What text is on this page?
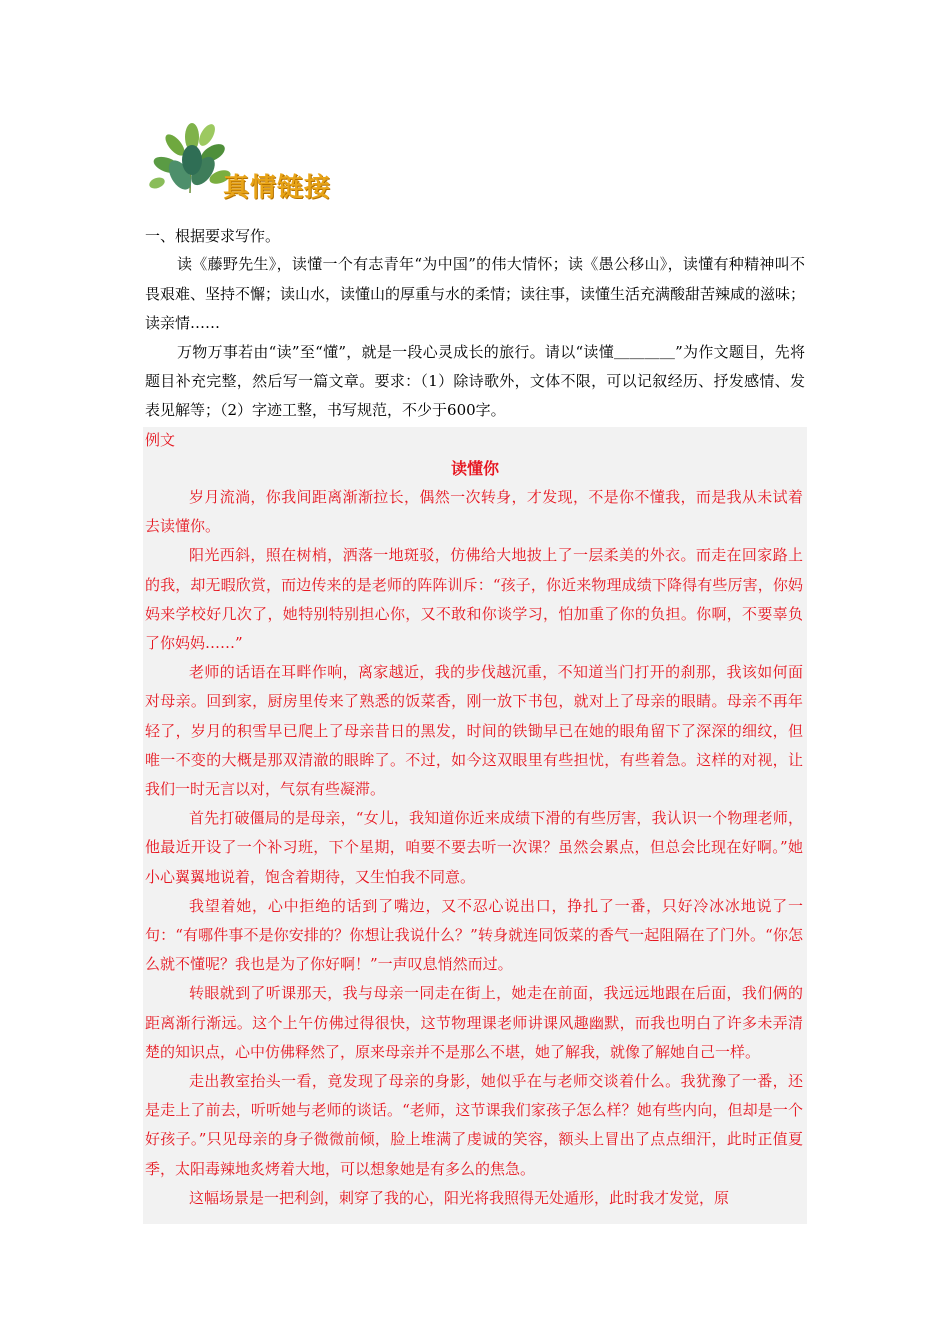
真情链接
一、根据要求写作。

读《藤野先生》，读懂一个有志青年“为中国”的伟大情怀；读《愚公移山》，读懂有种精神叫不畏艰难、坚持不懈；读山水，读懂山的厚重与水的柔情；读往事，读懂生活充满酸甜苦辣咸的滋味；读亲情……

万物万事若由“读”至“懂”，就是一段心灵成长的旅行。请以“读懂＿＿＿＿”为作文题目，先将题目补充完整，然后写一篇文章。要求：（1）除诗歌外，文体不限，可以记叙经历、抒发感情、发表见解等；（2）字迹工整，书写规范，不少于600字。

例文
读懂你

岁月流淌，你我间距离渐渐拉长，偶然一次转身，才发现，不是你不懂我，而是我从未试着去读懂你。

阳光西斜，照在树梢，洒落一地斑驳，仿佛给大地披上了一层柔美的外衣。而走在回家路上的我，却无暇欣赏，而边传来的是老师的阵阵训斥：“孩子，你近来物理成绩下降得有些厉害，你妈妈来学校好几次了，她特别特别担心你，又不敢和你谈学习，怕加重了你的负担。你啊，不要辜负了你妈妈……”

老师的话语在耳畔作响，离家越近，我的步伐越沉重，不知道当门打开的刹那，我该如何面对母亲。回到家，厨房里传来了熟悉的饭菜香，刚一放下书包，就对上了母亲的眼睛。母亲不再年轻了，岁月的积雪早已爬上了母亲昔日的黑发，时间的铁锄早已在她的眼角留下了深深的细纹，但唯一不变的大概是那双清澈的眼眸了。不过，如今这双眼里有些担忧，有些着急。这样的对视，让我们一时无言以对，气氛有些凝滞。

首先打破僵局的是母亲，“女儿，我知道你近来成绩下滑的有些厉害，我认识一个物理老师，他最近开设了一个补习班，下个星期，咱要不要去听一次课？虽然会累点，但总会比现在好啊。”她小心翼翼地说着，饱含着期待，又生怕我不同意。

我望着她，心中拒绝的话到了嘴边，又不忍心说出口，挣扎了一番，只好冷冰冰地说了一句：“有哪件事不是你安排的？你想让我说什么？”转身就连同饭菜的香气一起阻隔在了门外。“你怎么就不懂呢？我也是为了你好啊！”一声叹息悄然而过。

转眼就到了听课那天，我与母亲一同走在街上，她走在前面，我远远地跟在后面，我们俩的距离渐行渐远。这个上午仿佛过得很快，这节物理课老师讲课风趣幽默，而我也明白了许多未弄清楚的知识点，心中仿佛释然了，原来母亲并不是那么不堪，她了解我，就像了解她自己一样。

走出教室抬头一看，竟发现了母亲的身影，她似乎在与老师交谈着什么。我犹豫了一番，还是走上了前去，听听她与老师的谈话。“老师，这节课我们家孩子怎么样？她有些内向，但却是一个好孩子。”只见母亲的身子微微前倾，脸上堆满了虔诚的笑容，额头上冒出了点点细汗，此时正值夏季，太阳毒辣地炙烤着大地，可以想象她是有多么的焦急。

这幅场景是一把利剑，刺穿了我的心，阳光将我照得无处遁形，此时我才发觉，原
